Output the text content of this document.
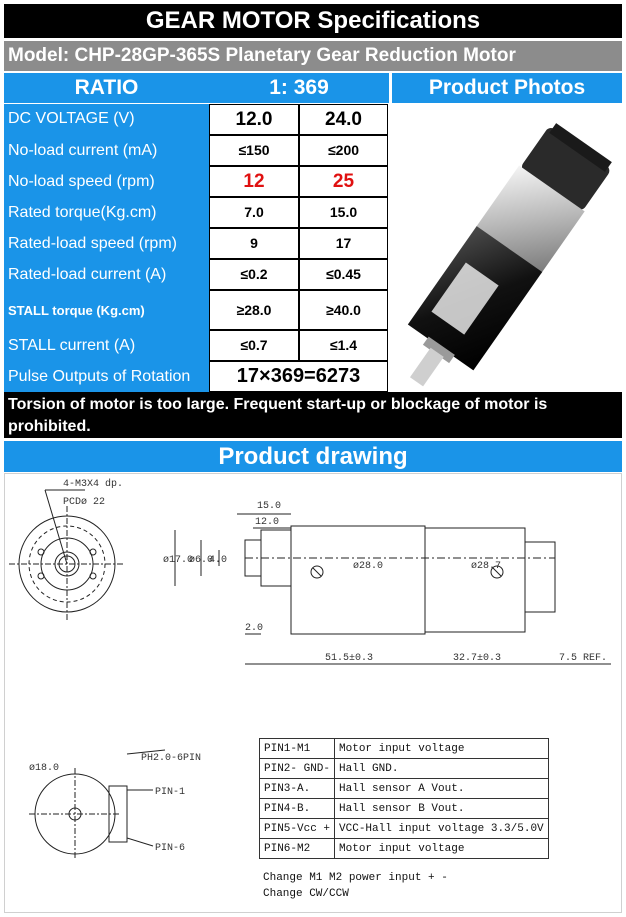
GEAR MOTOR Specifications
Model: CHP-28GP-365S Planetary Gear Reduction Motor
RATIO	1: 369	Product Photos
DC VOLTAGE (V)	12.0	24.0
No-load current (mA)	≤150	≤200
No-load speed (rpm)	12	25
Rated torque(Kg.cm)	7.0	15.0
Rated-load speed (rpm)	9	17
Rated-load current (A)	≤0.2	≤0.45
STALL torque (Kg.cm)	≥28.0	≥40.0
STALL current (A)	≤0.7	≤1.4
Pulse Outputs of Rotation	17×369=6273
Torsion of motor is too large. Frequent start-up or blockage of motor is prohibited.
Product drawing
4-M3X4 dp.
PCDø 22	15.0
12.0
ø17.0
ø6.0
4.0
ø28.0	ø28.7
2.0
51.5±0.3	32.7±0.3	7.5 REF.
ø18.0
PH2.0-6PIN
PIN-1
PIN-6
PIN1-M1	Motor input voltage
PIN2- GND-	Hall GND.
PIN3-A.	Hall sensor A Vout.
PIN4-B.	Hall sensor B Vout.
PIN5-Vcc +	VCC-Hall input voltage 3.3/5.0V
PIN6-M2	Motor input voltage
Change M1 M2 power input + -
Change CW/CCW
